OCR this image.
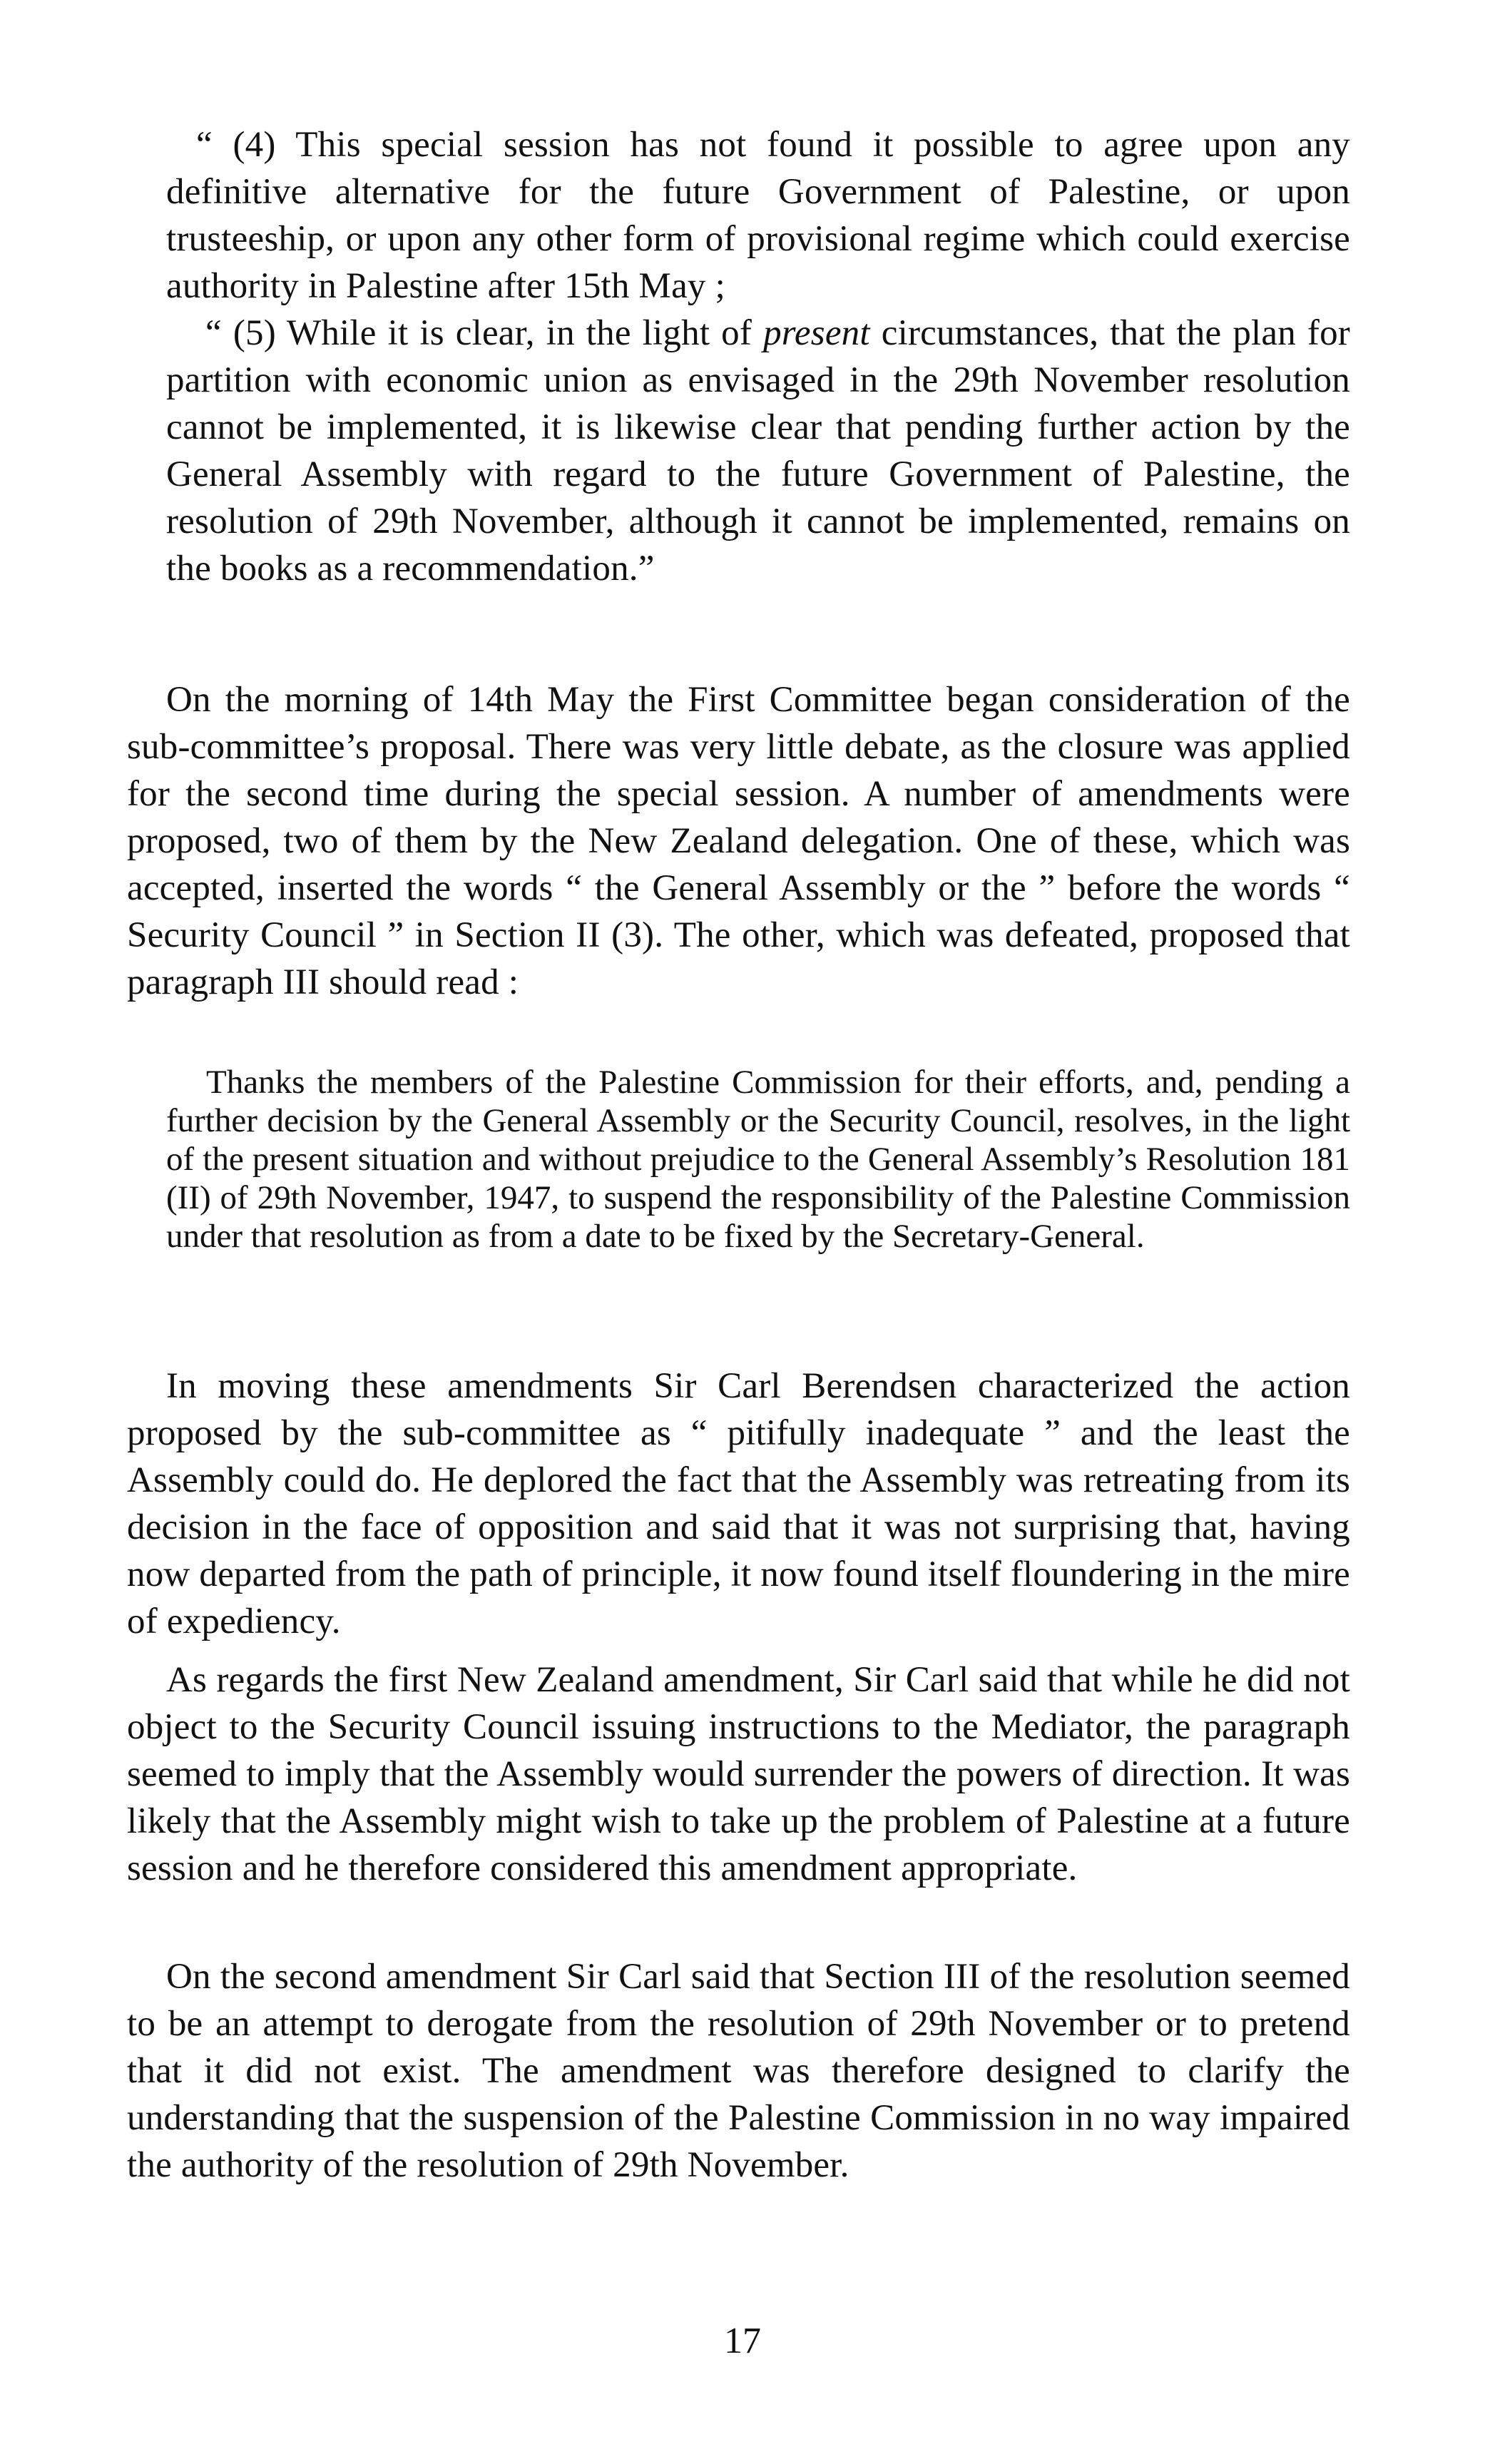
“ (4) This special session has not found it possible to agree upon any definitive alternative for the future Government of Palestine, or upon trusteeship, or upon any other form of provisional regime which could exercise authority in Palestine after 15th May ;

“ (5) While it is clear, in the light of present circumstances, that the plan for partition with economic union as envisaged in the 29th November resolution cannot be implemented, it is likewise clear that pending further action by the General Assembly with regard to the future Government of Palestine, the resolution of 29th November, although it cannot be implemented, remains on the books as a recommendation.”

On the morning of 14th May the First Committee began consideration of the sub-committee’s proposal. There was very little debate, as the closure was applied for the second time during the special session. A number of amendments were proposed, two of them by the New Zealand delegation. One of these, which was accepted, inserted the words “ the General Assembly or the ” before the words “ Security Council ” in Section II (3). The other, which was defeated, proposed that paragraph III should read :

Thanks the members of the Palestine Commission for their efforts, and, pending a further decision by the General Assembly or the Security Council, resolves, in the light of the present situation and without prejudice to the General Assembly’s Resolution 181 (II) of 29th November, 1947, to suspend the responsibility of the Palestine Commission under that resolution as from a date to be fixed by the Secretary-General.

In moving these amendments Sir Carl Berendsen characterized the action proposed by the sub-committee as “ pitifully inadequate ” and the least the Assembly could do. He deplored the fact that the Assembly was retreating from its decision in the face of opposition and said that it was not surprising that, having now departed from the path of principle, it now found itself floundering in the mire of expediency.

As regards the first New Zealand amendment, Sir Carl said that while he did not object to the Security Council issuing instructions to the Mediator, the paragraph seemed to imply that the Assembly would surrender the powers of direction. It was likely that the Assembly might wish to take up the problem of Palestine at a future session and he therefore considered this amendment appropriate.

On the second amendment Sir Carl said that Section III of the resolution seemed to be an attempt to derogate from the resolution of 29th November or to pretend that it did not exist. The amendment was therefore designed to clarify the understanding that the suspension of the Palestine Commission in no way impaired the authority of the resolution of 29th November.

17
